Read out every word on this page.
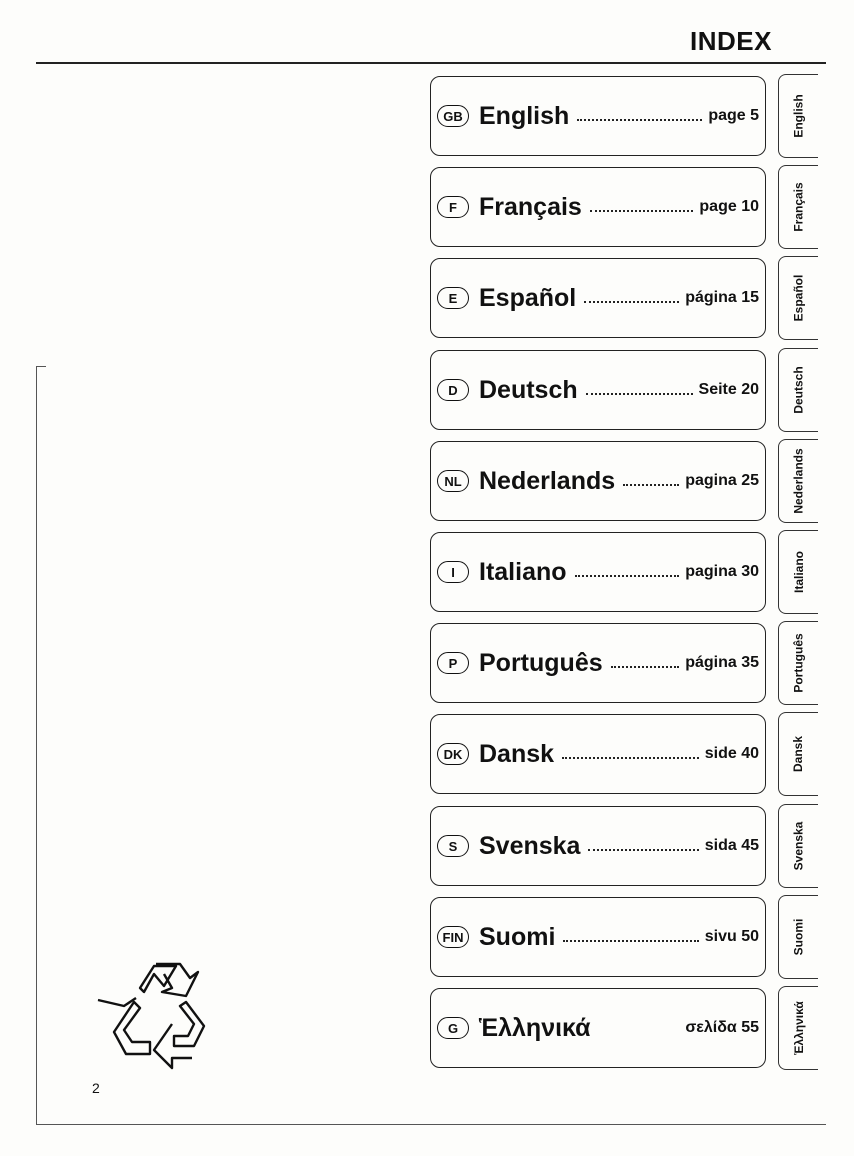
INDEX
GB English	page 5
F Français	page 10
E Español	página 15
D Deutsch	Seite 20
NL Nederlands	pagina 25
I Italiano	pagina 30
P Português	página 35
DK Dansk	side 40
S Svenska	sida 45
FIN Suomi	sivu 50
G Ἑλληνικά	σελίδα 55
English
Français
Español
Deutsch
Nederlands
Italiano
Português
Dansk
Svenska
Suomi
Ἑλληνικά
2
